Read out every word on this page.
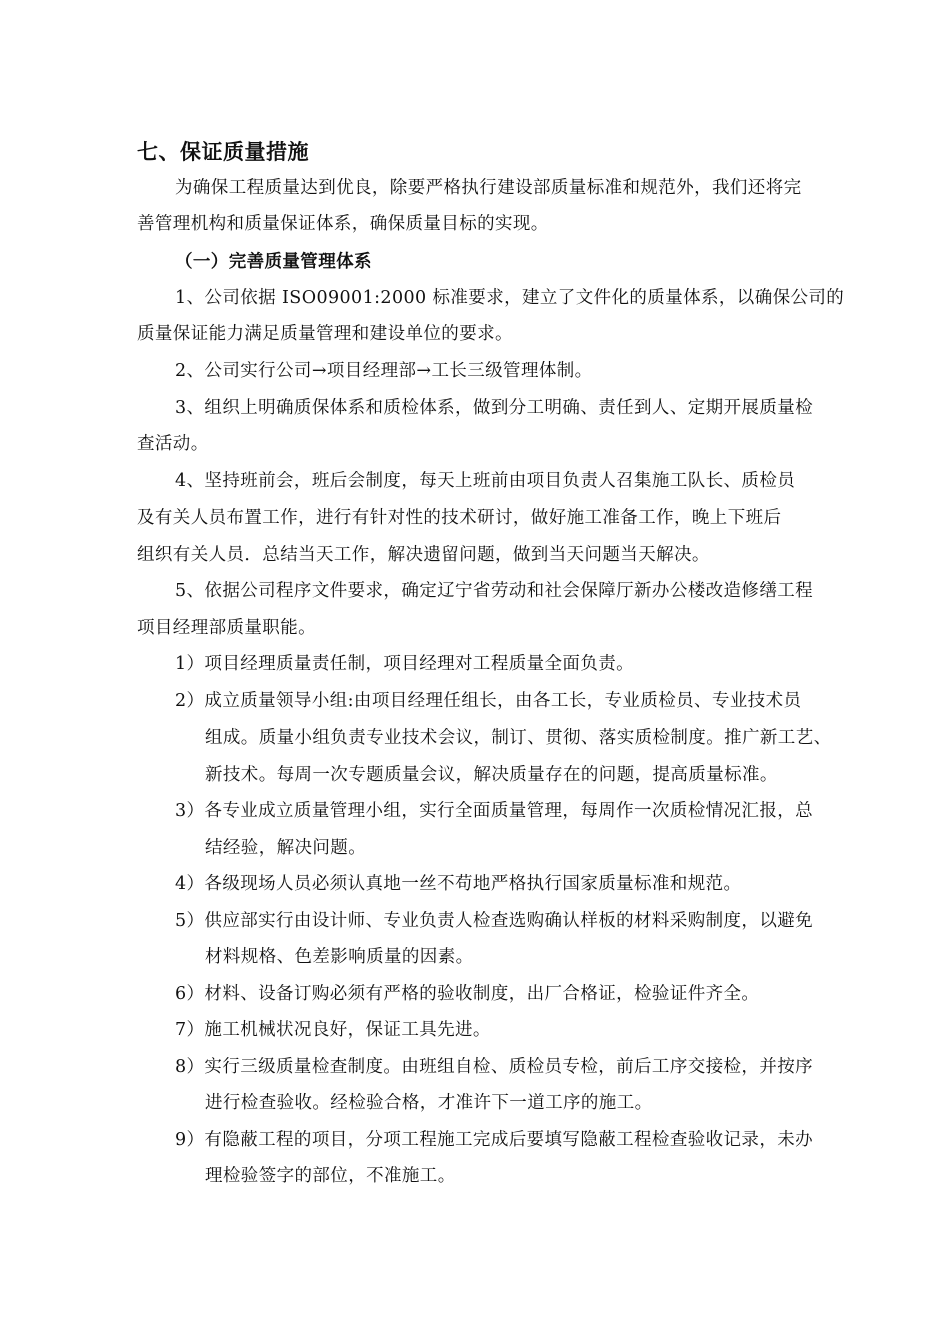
七、保证质量措施
为确保工程质量达到优良，除要严格执行建设部质量标准和规范外，我们还将完
善管理机构和质量保证体系，确保质量目标的实现。
（一）完善质量管理体系
1、公司依据 ISO09001:2000 标准要求，建立了文件化的质量体系，以确保公司的
质量保证能力满足质量管理和建设单位的要求。
2、公司实行公司→项目经理部→工长三级管理体制。
3、组织上明确质保体系和质检体系，做到分工明确、责任到人、定期开展质量检
查活动。
4、坚持班前会，班后会制度，每天上班前由项目负责人召集施工队长、质检员
及有关人员布置工作，进行有针对性的技术研讨，做好施工准备工作，晚上下班后
组织有关人员．总结当天工作，解决遗留问题，做到当天问题当天解决。
5、依据公司程序文件要求，确定辽宁省劳动和社会保障厅新办公楼改造修缮工程
项目经理部质量职能。
1）项目经理质量责任制，项目经理对工程质量全面负责。
2）成立质量领导小组:由项目经理任组长，由各工长，专业质检员、专业技术员
组成。质量小组负责专业技术会议，制订、贯彻、落实质检制度。推广新工艺、
新技术。每周一次专题质量会议，解决质量存在的问题，提高质量标准。
3）各专业成立质量管理小组，实行全面质量管理，每周作一次质检情况汇报，总
结经验，解决问题。
4）各级现场人员必须认真地一丝不苟地严格执行国家质量标准和规范。
5）供应部实行由设计师、专业负责人检查选购确认样板的材料采购制度，以避免
材料规格、色差影响质量的因素。
6）材料、设备订购必须有严格的验收制度，出厂合格证，检验证件齐全。
7）施工机械状况良好，保证工具先进。
8）实行三级质量检查制度。由班组自检、质检员专检，前后工序交接检，并按序
进行检查验收。经检验合格，才准许下一道工序的施工。
9）有隐蔽工程的项目，分项工程施工完成后要填写隐蔽工程检查验收记录，未办
理检验签字的部位，不准施工。
